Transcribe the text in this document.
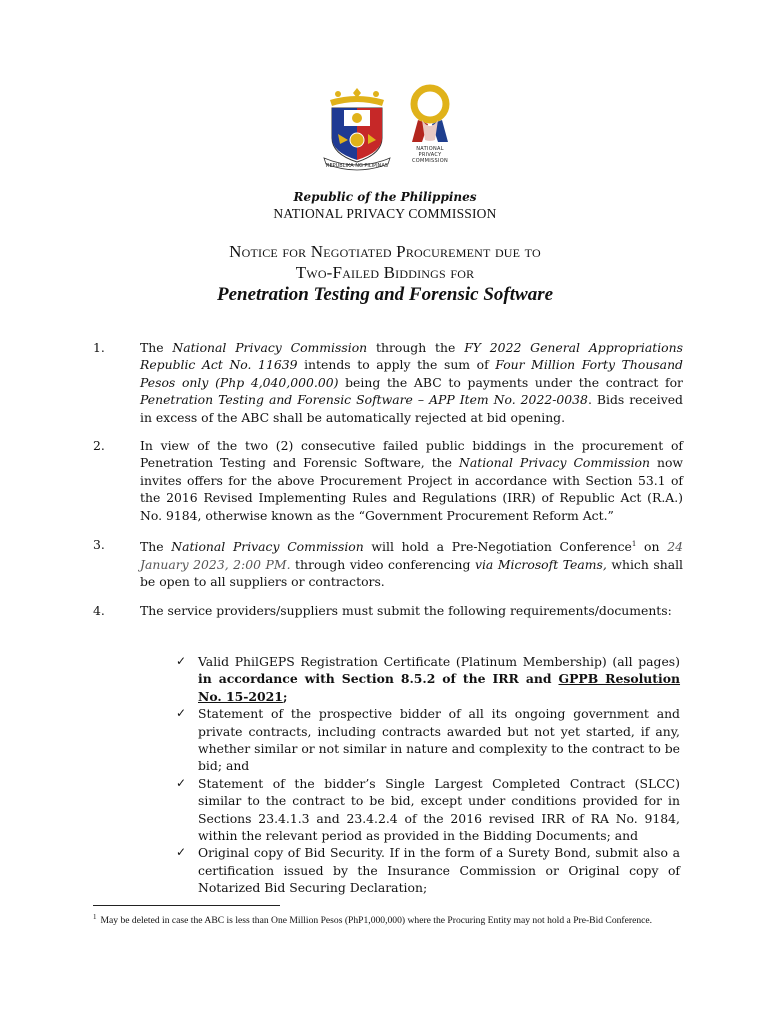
REPUBLIKA NG PILIPINAS
NATIONAL
PRIVACY
COMMISSION
Republic of the Philippines
NATIONAL PRIVACY COMMISSION
Notice for Negotiated Procurement due to
Two-Failed Biddings for
Penetration Testing and Forensic Software
1.	The National Privacy Commission through the FY 2022 General Appropriations Republic Act No. 11639 intends to apply the sum of Four Million Forty Thousand Pesos only (Php 4,040,000.00) being the ABC to payments under the contract for Penetration Testing and Forensic Software – APP Item No. 2022-0038. Bids received in excess of the ABC shall be automatically rejected at bid opening.
2.	In view of the two (2) consecutive failed public biddings in the procurement of Penetration Testing and Forensic Software, the National Privacy Commission now invites offers for the above Procurement Project in accordance with Section 53.1 of the 2016 Revised Implementing Rules and Regulations (IRR) of Republic Act (R.A.) No. 9184, otherwise known as the “Government Procurement Reform Act.”
3.	The National Privacy Commission will hold a Pre-Negotiation Conference$^1$ on 24 January 2023, 2:00 PM. through video conferencing via Microsoft Teams, which shall be open to all suppliers or contractors.
4.	The service providers/suppliers must submit the following requirements/documents:
✓ Valid PhilGEPS Registration Certificate (Platinum Membership) (all pages) in accordance with Section 8.5.2 of the IRR and GPPB Resolution No. 15-2021;
✓ Statement of the prospective bidder of all its ongoing government and private contracts, including contracts awarded but not yet started, if any, whether similar or not similar in nature and complexity to the contract to be bid; and
✓ Statement of the bidder’s Single Largest Completed Contract (SLCC) similar to the contract to be bid, except under conditions provided for in Sections 23.4.1.3 and 23.4.2.4 of the 2016 revised IRR of RA No. 9184, within the relevant period as provided in the Bidding Documents; and
✓ Original copy of Bid Security. If in the form of a Surety Bond, submit also a certification issued by the Insurance Commission or Original copy of Notarized Bid Securing Declaration;
$^1$ May be deleted in case the ABC is less than One Million Pesos (PhP1,000,000) where the Procuring Entity may not hold a Pre-Bid Conference.
